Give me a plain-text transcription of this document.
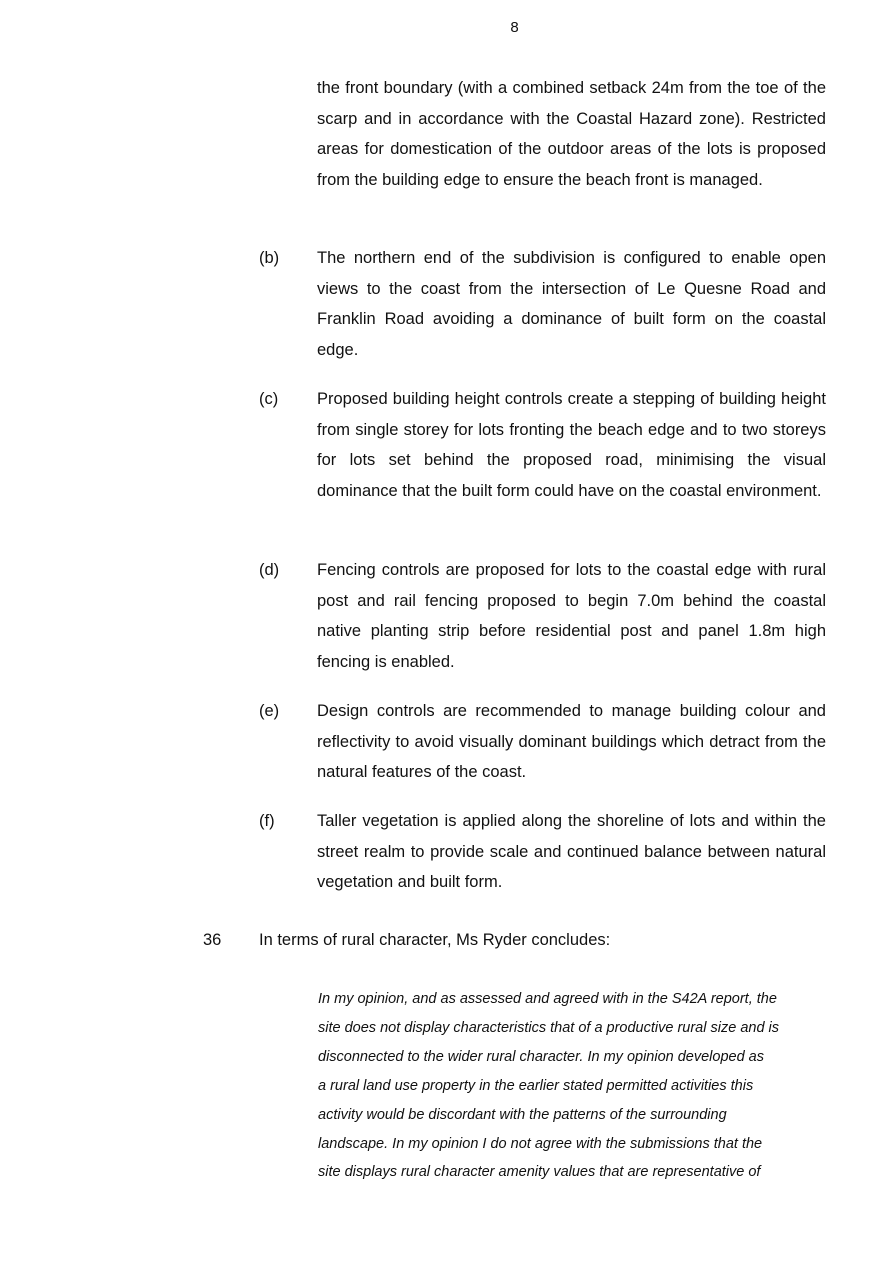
8
the front boundary (with a combined setback 24m from the toe of the scarp and in accordance with the Coastal Hazard zone). Restricted areas for domestication of the outdoor areas of the lots is proposed from the building edge to ensure the beach front is managed.
(b) The northern end of the subdivision is configured to enable open views to the coast from the intersection of Le Quesne Road and Franklin Road avoiding a dominance of built form on the coastal edge.
(c) Proposed building height controls create a stepping of building height from single storey for lots fronting the beach edge and to two storeys for lots set behind the proposed road, minimising the visual dominance that the built form could have on the coastal environment.
(d) Fencing controls are proposed for lots to the coastal edge with rural post and rail fencing proposed to begin 7.0m behind the coastal native planting strip before residential post and panel 1.8m high fencing is enabled.
(e) Design controls are recommended to manage building colour and reflectivity to avoid visually dominant buildings which detract from the natural features of the coast.
(f)	Taller vegetation is applied along the shoreline of lots and within the street realm to provide scale and continued balance between natural vegetation and built form.
36 In terms of rural character, Ms Ryder concludes:
In my opinion, and as assessed and agreed with in the S42A report, the
site does not display characteristics that of a productive rural size and is
disconnected to the wider rural character. In my opinion developed as
a rural land use property in the earlier stated permitted activities this
activity would be discordant with the patterns of the surrounding
landscape. In my opinion I do not agree with the submissions that the
site displays rural character amenity values that are representative of
